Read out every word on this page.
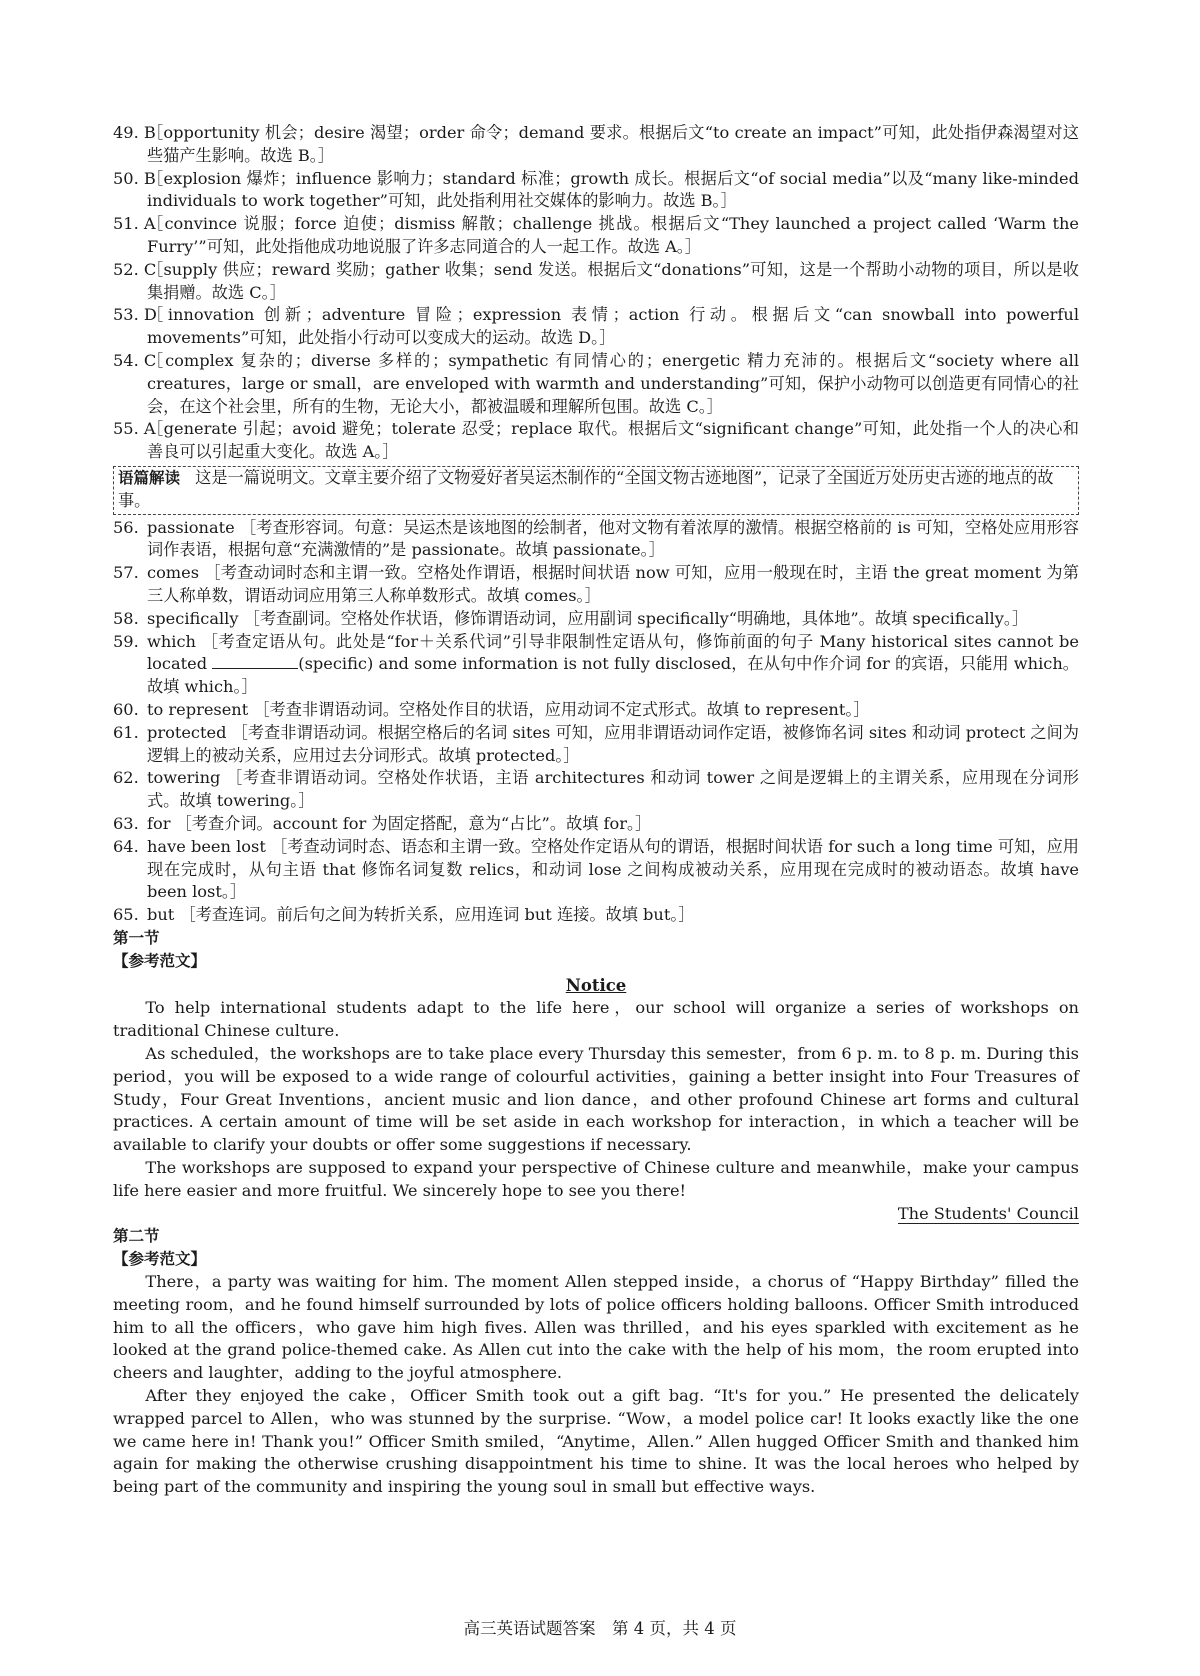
49. B
［opportunity 机会；desire 渴望；order 命令；demand 要求。根据后文“to create an impact”可知，此处指伊森渴望对这些猫产生影响。故选 B。］

50. B
［explosion 爆炸；influence 影响力；standard 标准；growth 成长。根据后文“of social media”以及“many like-minded individuals to work together”可知，此处指利用社交媒体的影响力。故选 B。］

51. A
［convince 说服；force 迫使；dismiss 解散；challenge 挑战。根据后文“They launched a project called ‘Warm the Furry’”可知，此处指他成功地说服了许多志同道合的人一起工作。故选 A。］

52. C
［supply 供应；reward 奖励；gather 收集；send 发送。根据后文“donations”可知，这是一个帮助小动物的项目，所以是收集捐赠。故选 C。］

53. D
［innovation 创新；adventure 冒险；expression 表情；action 行动。根据后文“can snowball into powerful movements”可知，此处指小行动可以变成大的运动。故选 D。］

54. C
［complex 复杂的；diverse 多样的；sympathetic 有同情心的；energetic 精力充沛的。根据后文“society where all creatures，large or small，are enveloped with warmth and understanding”可知，保护小动物可以创造更有同情心的社会，在这个社会里，所有的生物，无论大小，都被温暖和理解所包围。故选 C。］

55. A
［generate 引起；avoid 避免；tolerate 忍受；replace 取代。根据后文“significant change”可知，此处指一个人的决心和善良可以引起重大变化。故选 A。］

语篇解读 这是一篇说明文。文章主要介绍了文物爱好者吴运杰制作的“全国文物古迹地图”，记录了全国近万处历史古迹的地点的故事。

56. passionate ［考查形容词。句意：吴运杰是该地图的绘制者，他对文物有着浓厚的激情。根据空格前的 is 可知，空格处应用形容词作表语，根据句意“充满激情的”是 passionate。故填 passionate。］

57. comes ［考查动词时态和主谓一致。空格处作谓语，根据时间状语 now 可知，应用一般现在时，主语 the great moment 为第三人称单数，谓语动词应用第三人称单数形式。故填 comes。］

58. specifically ［考查副词。空格处作状语，修饰谓语动词，应用副词 specifically“明确地，具体地”。故填 specifically。］

59. which ［考查定语从句。此处是“for＋关系代词”引导非限制性定语从句，修饰前面的句子 Many historical sites cannot be located	(specific) and some information is not fully disclosed，在从句中作介词 for 的宾语，只能用 which。故填 which。］

60. to represent ［考查非谓语动词。空格处作目的状语，应用动词不定式形式。故填 to represent。］

61. protected ［考查非谓语动词。根据空格后的名词 sites 可知，应用非谓语动词作定语，被修饰名词 sites 和动词 protect 之间为逻辑上的被动关系，应用过去分词形式。故填 protected。］

62. towering ［考查非谓语动词。空格处作状语，主语 architectures 和动词 tower 之间是逻辑上的主谓关系，应用现在分词形式。故填 towering。］

63. for ［考查介词。account for 为固定搭配，意为“占比”。故填 for。］

64. have been lost ［考查动词时态、语态和主谓一致。空格处作定语从句的谓语，根据时间状语 for such a long time 可知，应用现在完成时，从句主语 that 修饰名词复数 relics，和动词 lose 之间构成被动关系，应用现在完成时的被动语态。故填 have been lost。］

65. but ［考查连词。前后句之间为转折关系，应用连词 but 连接。故填 but。］

第一节

【参考范文】

Notice

To help international students adapt to the life here，our school will organize a series of workshops on traditional Chinese culture.

As scheduled，the workshops are to take place every Thursday this semester，from 6 p. m. to 8 p. m. During this period，you will be exposed to a wide range of colourful activities，gaining a better insight into Four Treasures of Study，Four Great Inventions，ancient music and lion dance，and other profound Chinese art forms and cultural practices. A certain amount of time will be set aside in each workshop for interaction，in which a teacher will be available to clarify your doubts or offer some suggestions if necessary.

The workshops are supposed to expand your perspective of Chinese culture and meanwhile，make your campus life here easier and more fruitful. We sincerely hope to see you there!

The Students' Council

第二节

【参考范文】

There，a party was waiting for him. The moment Allen stepped inside，a chorus of “Happy Birthday” filled the meeting room，and he found himself surrounded by lots of police officers holding balloons. Officer Smith introduced him to all the officers，who gave him high fives. Allen was thrilled，and his eyes sparkled with excitement as he looked at the grand police-themed cake. As Allen cut into the cake with the help of his mom，the room erupted into cheers and laughter，adding to the joyful atmosphere.

After they enjoyed the cake，Officer Smith took out a gift bag. “It's for you.” He presented the delicately wrapped parcel to Allen，who was stunned by the surprise. “Wow，a model police car! It looks exactly like the one we came here in! Thank you!” Officer Smith smiled，“Anytime，Allen.” Allen hugged Officer Smith and thanked him again for making the otherwise crushing disappointment his time to shine. It was the local heroes who helped by being part of the community and inspiring the young soul in small but effective ways.

高三英语试题答案　第 4 页，共 4 页
